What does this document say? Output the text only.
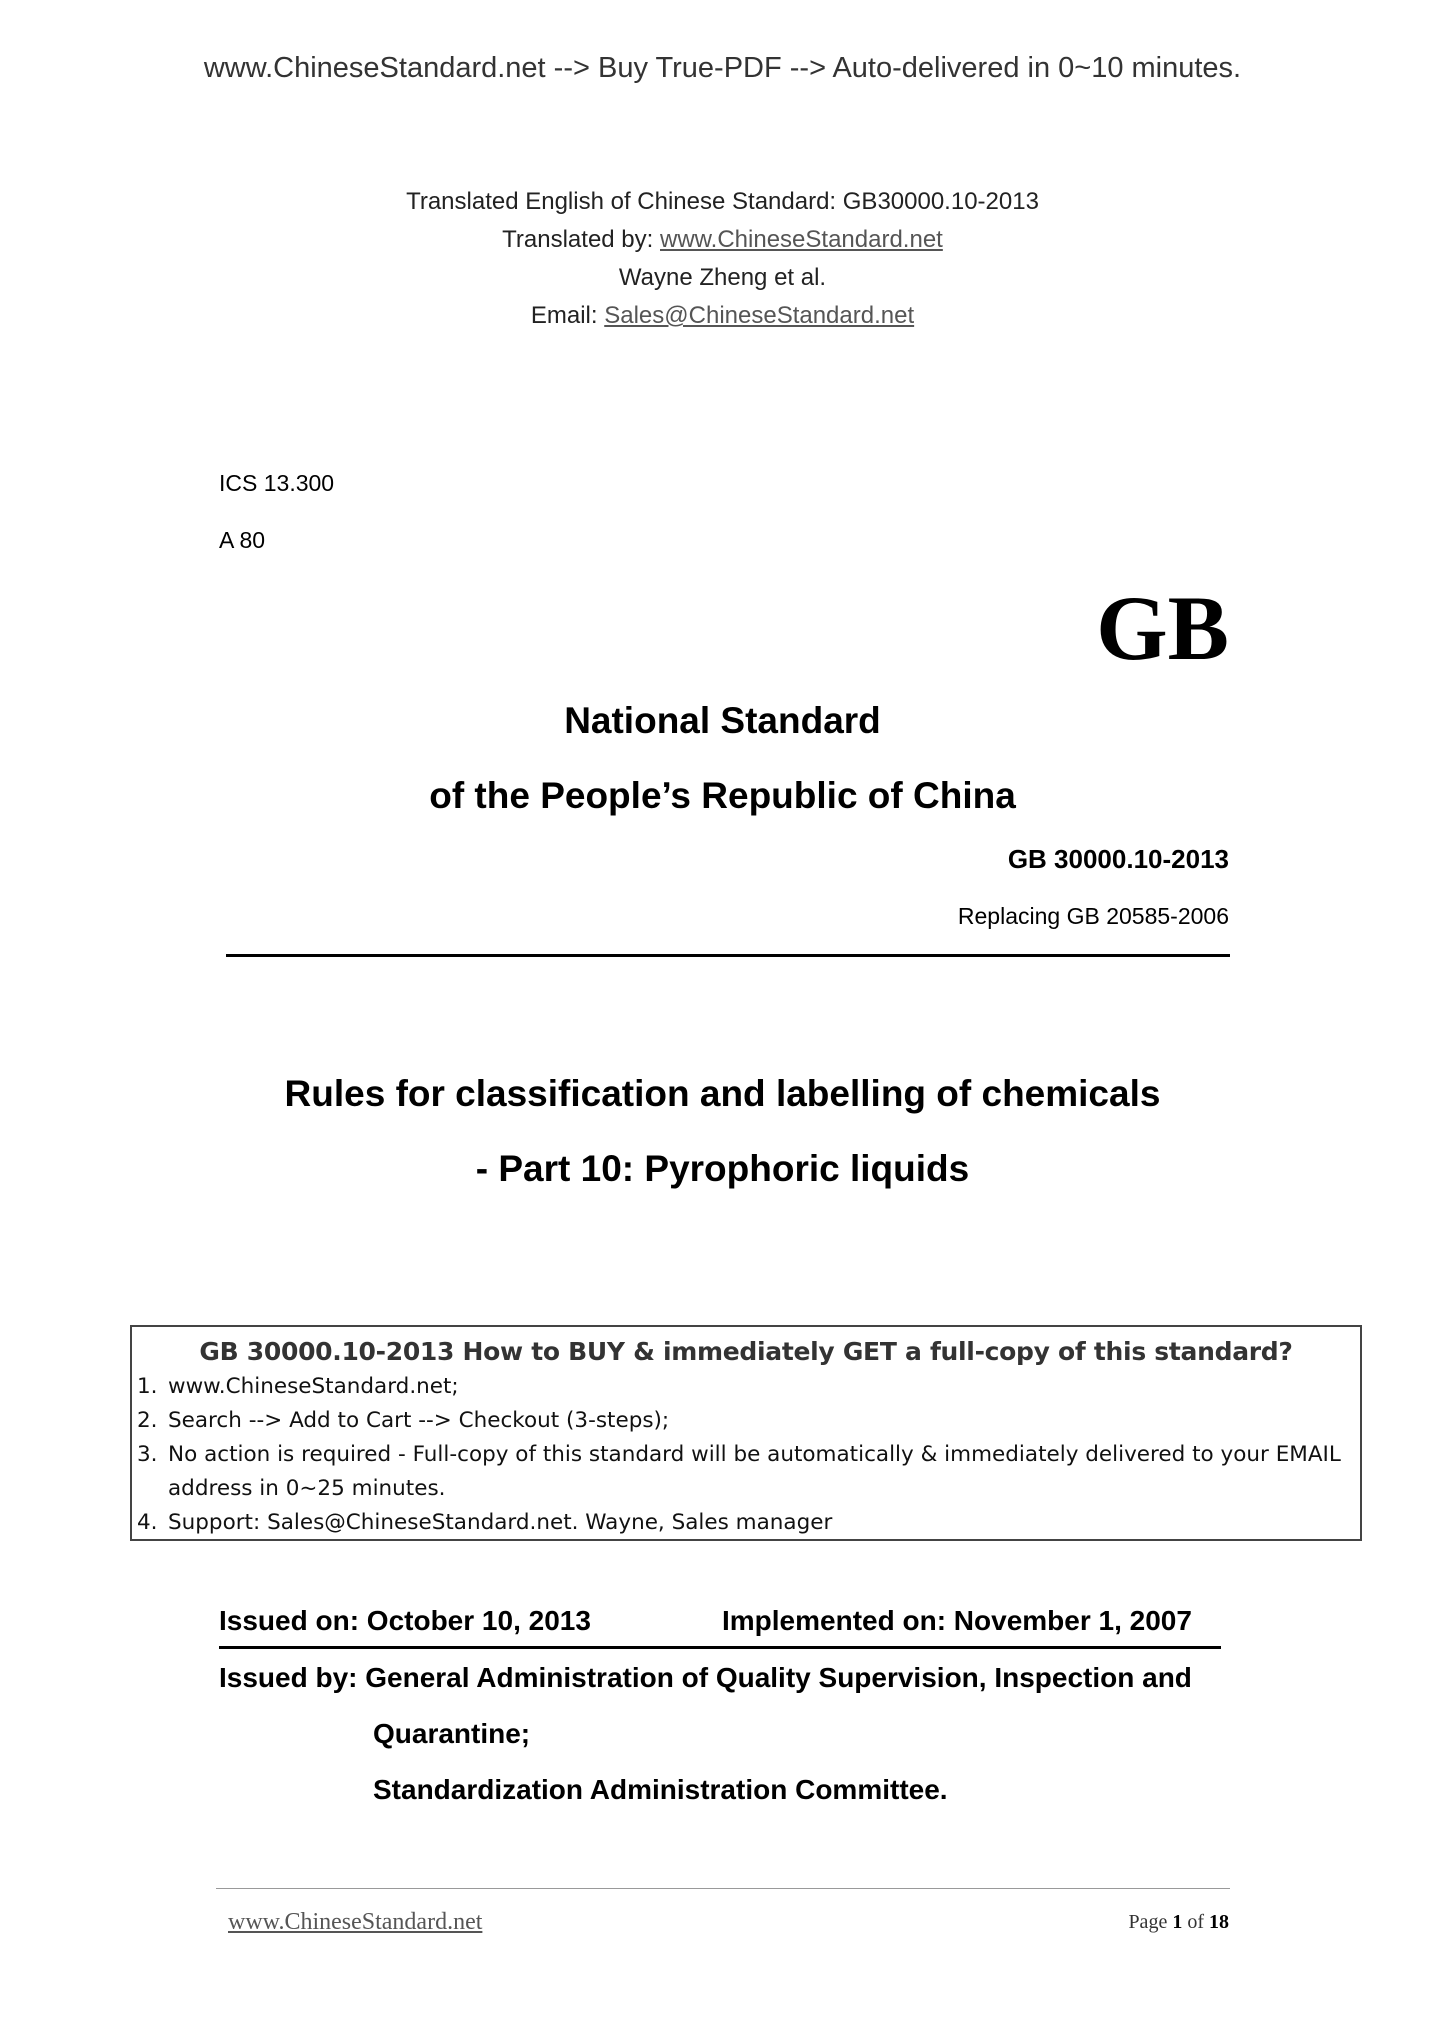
www.ChineseStandard.net --> Buy True-PDF --> Auto-delivered in 0~10 minutes.
Translated English of Chinese Standard: GB30000.10-2013
Translated by: www.ChineseStandard.net
Wayne Zheng et al.
Email: Sales@ChineseStandard.net
ICS 13.300
A 80
GB
National Standard
of the People’s Republic of China
GB 30000.10-2013
Replacing GB 20585-2006
Rules for classification and labelling of chemicals
- Part 10: Pyrophoric liquids
GB 30000.10-2013 How to BUY & immediately GET a full-copy of this standard?
1. www.ChineseStandard.net;
2. Search --> Add to Cart --> Checkout (3-steps);
3. No action is required - Full-copy of this standard will be automatically & immediately delivered to your EMAIL address in 0~25 minutes.
4. Support: Sales@ChineseStandard.net. Wayne, Sales manager
Issued on: October 10, 2013	Implemented on: November 1, 2007
Issued by: General Administration of Quality Supervision, Inspection and
Quarantine;
Standardization Administration Committee.
www.ChineseStandard.net	Page 1 of 18
